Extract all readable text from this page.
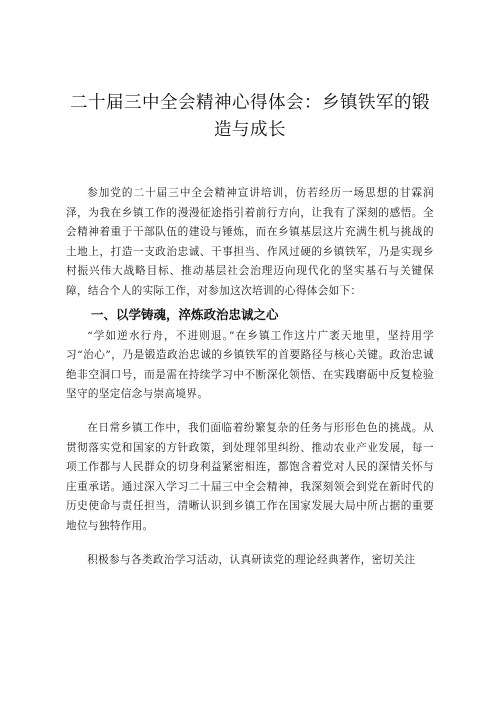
二十届三中全会精神心得体会：乡镇铁军的锻造与成长

参加党的二十届三中全会精神宣讲培训，仿若经历一场思想的甘霖润泽，为我在乡镇工作的漫漫征途指引着前行方向，让我有了深刻的感悟。全会精神着重于干部队伍的建设与锤炼，而在乡镇基层这片充满生机与挑战的土地上，打造一支政治忠诚、干事担当、作风过硬的乡镇铁军，乃是实现乡村振兴伟大战略目标、推动基层社会治理迈向现代化的坚实基石与关键保障，结合个人的实际工作，对参加这次培训的心得体会如下：

一、以学铸魂，淬炼政治忠诚之心

“学如逆水行舟，不进则退。”在乡镇工作这片广袤天地里，坚持用学习“治心”，乃是锻造政治忠诚的乡镇铁军的首要路径与核心关键。政治忠诚绝非空洞口号，而是需在持续学习中不断深化领悟、在实践磨砺中反复检验坚守的坚定信念与崇高境界。

在日常乡镇工作中，我们面临着纷繁复杂的任务与形形色色的挑战。从贯彻落实党和国家的方针政策，到处理邻里纠纷、推动农业产业发展，每一项工作都与人民群众的切身利益紧密相连，都饱含着党对人民的深情关怀与庄重承诺。通过深入学习二十届三中全会精神，我深刻领会到党在新时代的历史使命与责任担当，清晰认识到乡镇工作在国家发展大局中所占据的重要地位与独特作用。

积极参与各类政治学习活动，认真研读党的理论经典著作，密切关注
